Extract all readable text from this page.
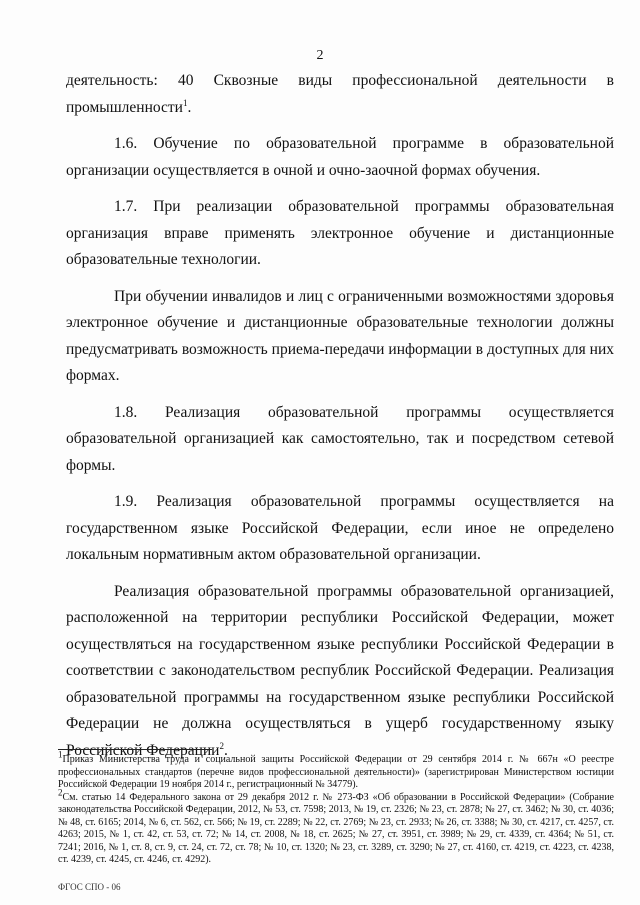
2

деятельность: 40 Сквозные виды профессиональной деятельности в промышленности$^1$.

1.6. Обучение по образовательной программе в образовательной организации осуществляется в очной и очно-заочной формах обучения.

1.7. При реализации образовательной программы образовательная организация вправе применять электронное обучение и дистанционные образовательные технологии.

При обучении инвалидов и лиц с ограниченными возможностями здоровья электронное обучение и дистанционные образовательные технологии должны предусматривать возможность приема-передачи информации в доступных для них формах.

1.8. Реализация образовательной программы осуществляется образовательной организацией как самостоятельно, так и посредством сетевой формы.

1.9. Реализация образовательной программы осуществляется на государственном языке Российской Федерации, если иное не определено локальным нормативным актом образовательной организации.

Реализация образовательной программы образовательной организацией, расположенной на территории республики Российской Федерации, может осуществляться на государственном языке республики Российской Федерации в соответствии с законодательством республик Российской Федерации. Реализация образовательной программы на государственном языке республики Российской Федерации не должна осуществляться в ущерб государственному языку Российской Федерации$^2$.

$^1$Приказ Министерства труда и социальной защиты Российской Федерации от 29 сентября 2014 г. № 667н «О реестре профессиональных стандартов (перечне видов профессиональной деятельности)» (зарегистрирован Министерством юстиции Российской Федерации 19 ноября 2014 г., регистрационный № 34779).

$^2$См. статью 14 Федерального закона от 29 декабря 2012 г. № 273-ФЗ «Об образовании в Российской Федерации» (Собрание законодательства Российской Федерации, 2012, № 53, ст. 7598; 2013, № 19, ст. 2326; № 23, ст. 2878; № 27, ст. 3462; № 30, ст. 4036; № 48, ст. 6165; 2014, № 6, ст. 562, ст. 566; № 19, ст. 2289; № 22, ст. 2769; № 23, ст. 2933; № 26, ст. 3388; № 30, ст. 4217, ст. 4257, ст. 4263; 2015, № 1, ст. 42, ст. 53, ст. 72; № 14, ст. 2008, № 18, ст. 2625; № 27, ст. 3951, ст. 3989; № 29, ст. 4339, ст. 4364; № 51, ст. 7241; 2016, № 1, ст. 8, ст. 9, ст. 24, ст. 72, ст. 78; № 10, ст. 1320; № 23, ст. 3289, ст. 3290; № 27, ст. 4160, ст. 4219, ст. 4223, ст. 4238, ст. 4239, ст. 4245, ст. 4246, ст. 4292).

ФГОС СПО - 06
